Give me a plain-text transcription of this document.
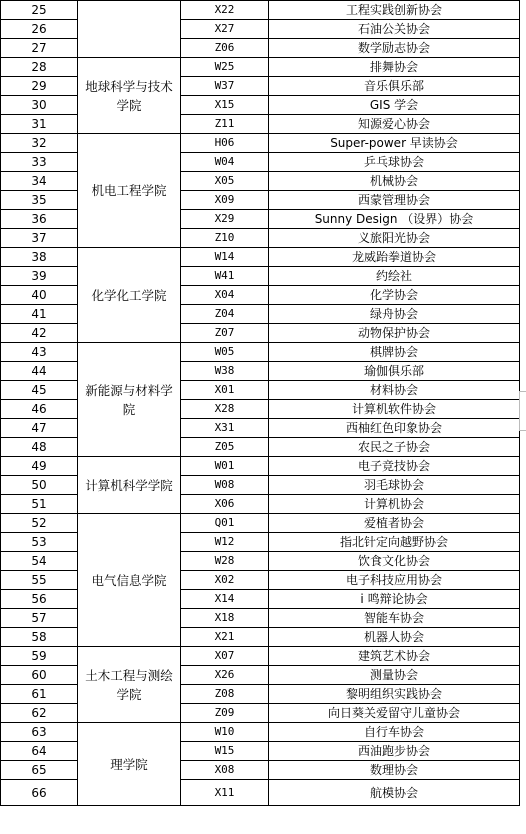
25		X22	工程实践创新协会
26		X27	石油公关协会
27		Z06	数学励志协会
28	地球科学与技术学院	W25	排舞协会
29		W37	音乐俱乐部
30		X15	GIS 学会
31		Z11	知源爱心协会
32	机电工程学院	H06	Super-power 早读协会
33		W04	乒乓球协会
34		X05	机械协会
35		X09	西蒙管理协会
36		X29	Sunny Design （设界）协会
37		Z10	义旅阳光协会
38	化学化工学院	W14	龙威跆拳道协会
39		W41	约绘社
40		X04	化学协会
41		Z04	绿舟协会
42		Z07	动物保护协会
43	新能源与材料学院	W05	棋牌协会
44		W38	瑜伽俱乐部
45		X01	材料协会
46		X28	计算机软件协会
47		X31	西柚红色印象协会
48		Z05	农民之子协会
49	计算机科学学院	W01	电子竞技协会
50		W08	羽毛球协会
51		X06	计算机协会
52	电气信息学院	Q01	爱植者协会
53		W12	指北针定向越野协会
54		W28	饮食文化协会
55		X02	电子科技应用协会
56		X14	i 鸣辩论协会
57		X18	智能车协会
58		X21	机器人协会
59	土木工程与测绘学院	X07	建筑艺术协会
60		X26	测量协会
61		Z08	黎明组织实践协会
62		Z09	向日葵关爱留守儿童协会
63	理学院	W10	自行车协会
64		W15	西油跑步协会
65		X08	数理协会
66		X11	航模协会
